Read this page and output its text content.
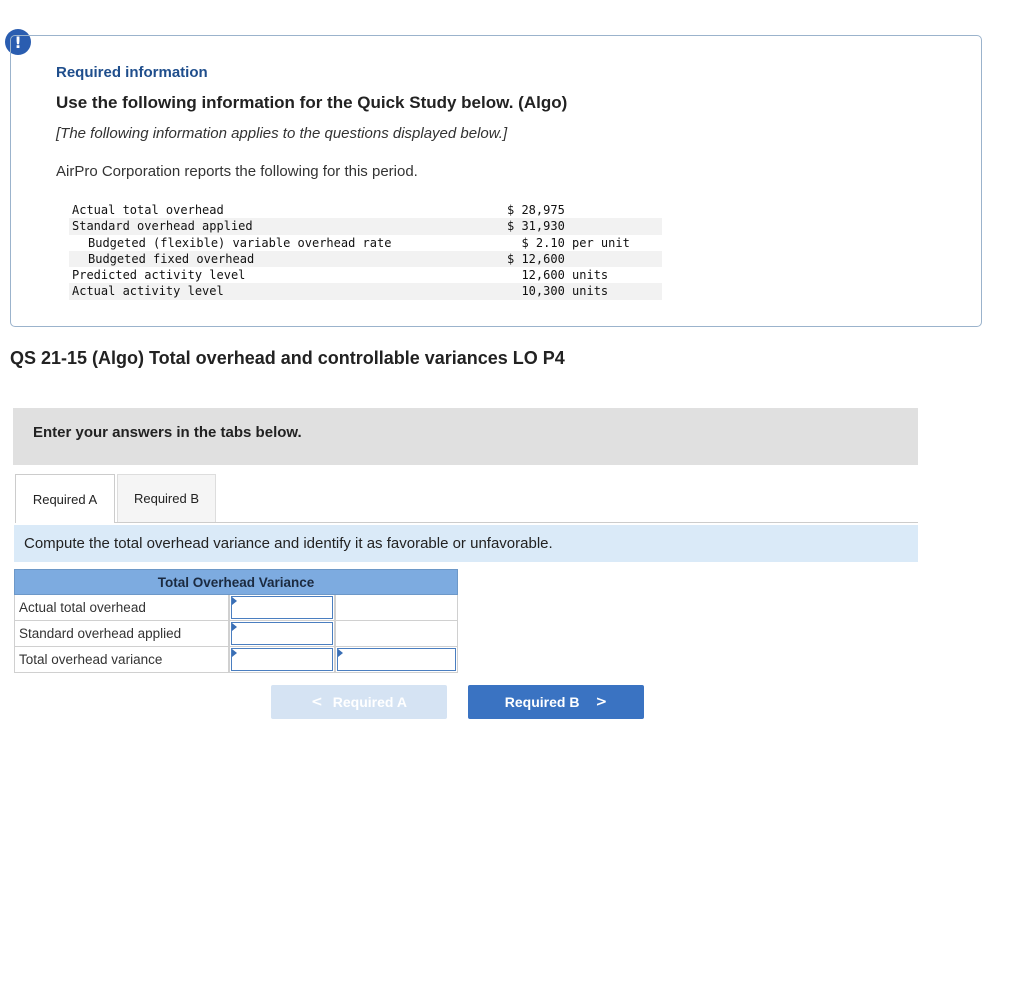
!

Required information

Use the following information for the Quick Study below. (Algo)

[The following information applies to the questions displayed below.]

AirPro Corporation reports the following for this period.

Actual total overhead	$ 28,975
Standard overhead applied	$ 31,930
Budgeted (flexible) variable overhead rate	$ 2.10 per unit
Budgeted fixed overhead	$ 12,600
Predicted activity level	12,600 units
Actual activity level	10,300 units
QS 21-15 (Algo) Total overhead and controllable variances LO P4
Enter your answers in the tabs below.
Required A	Required B
Compute the total overhead variance and identify it as favorable or unfavorable.
Total Overhead Variance
Actual total overhead
Standard overhead applied
Total overhead variance
< Required A	Required B >
